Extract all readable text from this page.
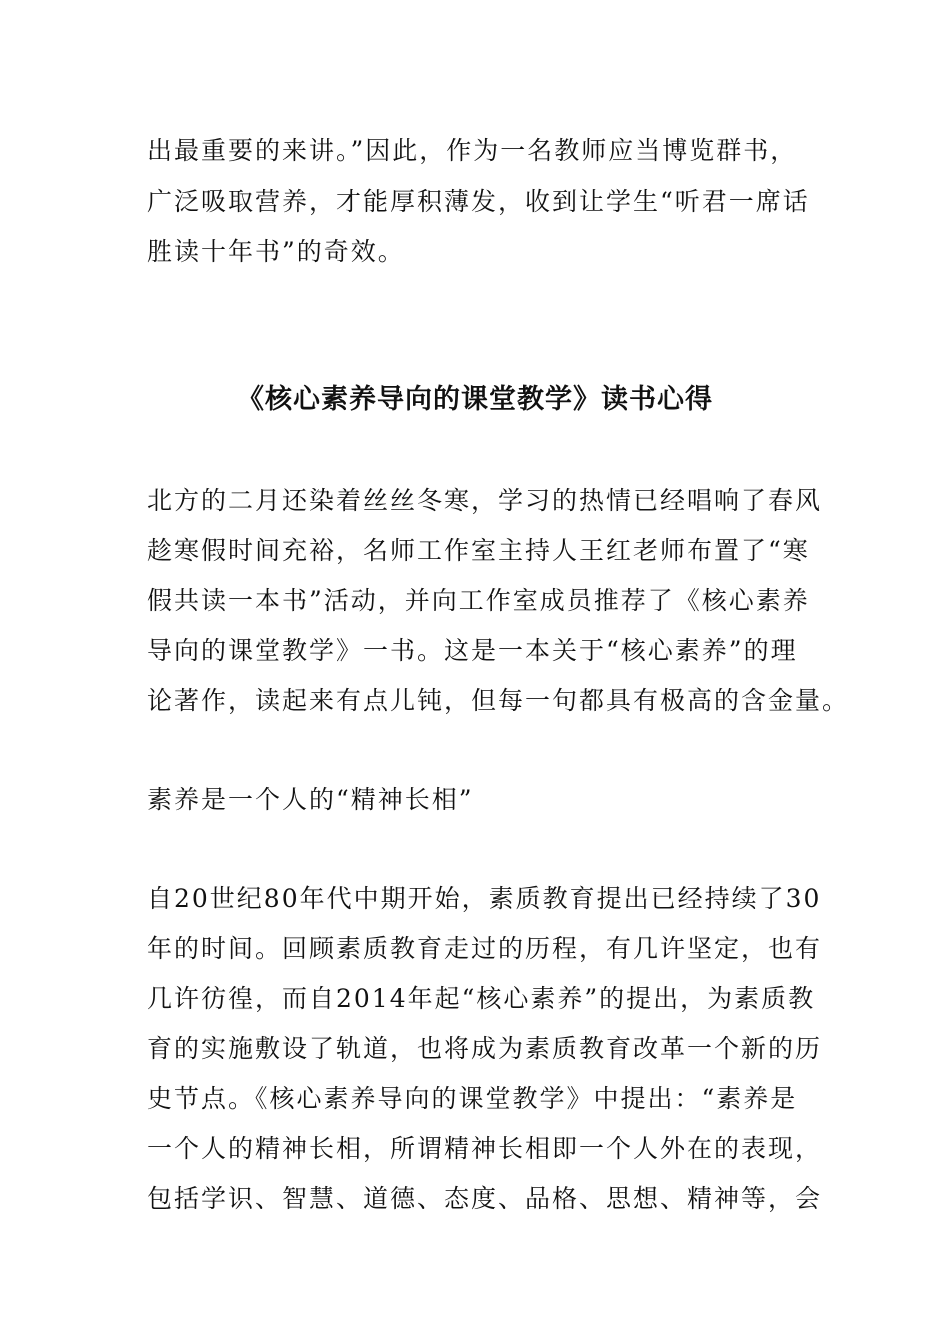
出最重要的来讲。”因此，作为一名教师应当博览群书，
广泛吸取营养，才能厚积薄发，收到让学生“听君一席话
胜读十年书”的奇效。
《核心素养导向的课堂教学》读书心得
北方的二月还染着丝丝冬寒，学习的热情已经唱响了春风
趁寒假时间充裕，名师工作室主持人王红老师布置了“寒
假共读一本书”活动，并向工作室成员推荐了《核心素养
导向的课堂教学》一书。这是一本关于“核心素养”的理
论著作，读起来有点儿钝，但每一句都具有极高的含金量。
素养是一个人的“精神长相”
自20世纪80年代中期开始，素质教育提出已经持续了30
年的时间。回顾素质教育走过的历程，有几许坚定，也有
几许彷徨，而自2014年起“核心素养”的提出，为素质教
育的实施敷设了轨道，也将成为素质教育改革一个新的历
史节点。《核心素养导向的课堂教学》中提出：“素养是
一个人的精神长相，所谓精神长相即一个人外在的表现，
包括学识、智慧、道德、态度、品格、思想、精神等，会
